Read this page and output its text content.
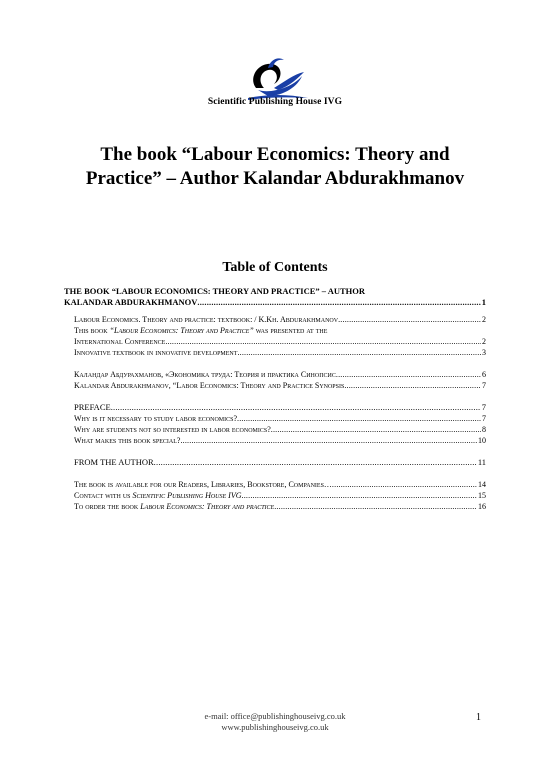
Scientific Publishing House IVG
The book “Labour Economics: Theory and
Practice” – Author Kalandar Abdurakhmanov
Table of Contents
THE BOOK “LABOUR ECONOMICS: THEORY AND PRACTICE” – AUTHOR
KALANDAR ABDURAKHMANOV .....	1
Labour Economics. Theory and practice: textbook: / K.Kh. Abdurakhmanov .....	2
This book “Labour Economics: Theory and Practice” was presented at the
International Conference .....	2
Innovative textbook in innovative development .....	3
Каландар Абдурахманов, «Экономика труда: Теория и практика Синопсис .....	6
Kalandar Abdurakhmanov, “Labor Economics: Theory and Practice Synopsis .....	7
PREFACE .....	7
Why is it necessary to study labor economics? .....	7
Why are students not so interested in labor economics? .....	8
What makes this book special? .....	10
FROM THE AUTHOR .....	11
The book is available for our Readers, Libraries, Bookstore, Companies… .....	14
Contact with us Scientific Publishing House IVG .....	15
To order the book Labour Economics: Theory and practice .....	16
e-mail: office@publishinghouseivg.co.uk
www.publishinghouseivg.co.uk
1
